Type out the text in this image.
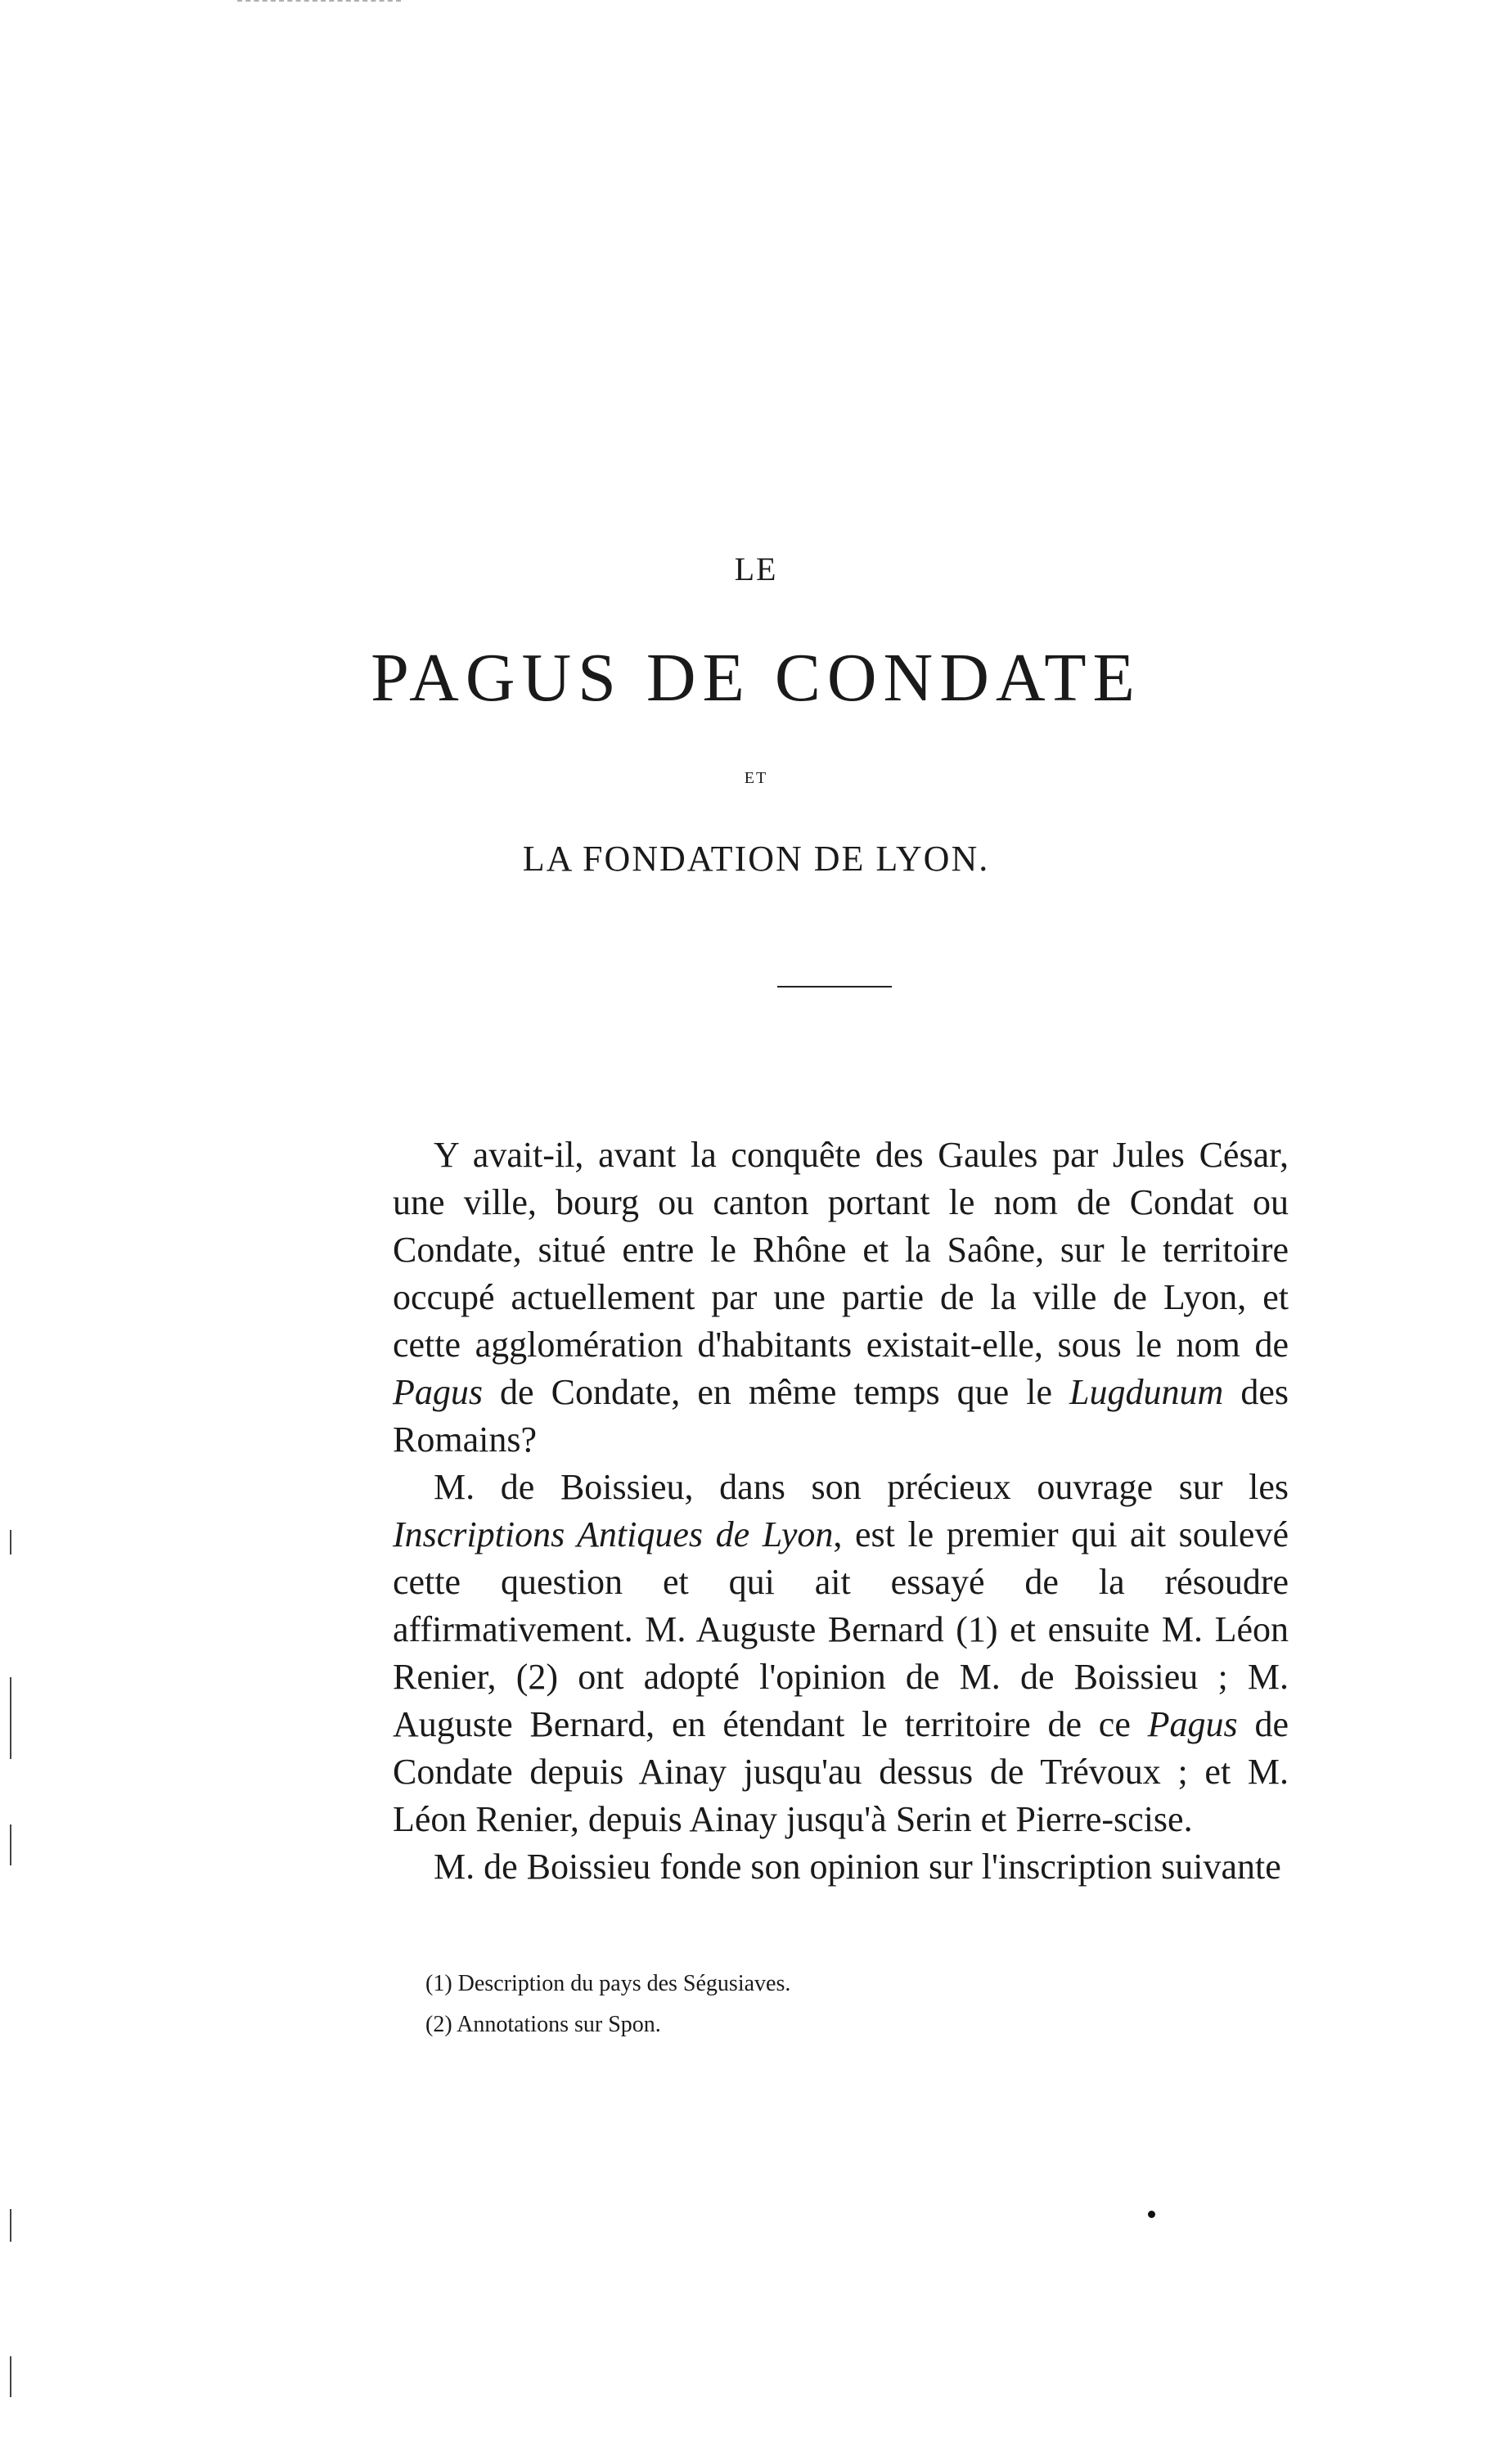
LE
PAGUS DE CONDATE
ET
LA FONDATION DE LYON.

Y avait-il, avant la conquête des Gaules par Jules César, une ville, bourg ou canton portant le nom de Condat ou Condate, situé entre le Rhône et la Saône, sur le territoire occupé actuellement par une partie de la ville de Lyon, et cette agglomération d'habitants existait-elle, sous le nom de Pagus de Condate, en même temps que le Lugdunum des Romains?

M. de Boissieu, dans son précieux ouvrage sur les Inscriptions Antiques de Lyon, est le premier qui ait soulevé cette question et qui ait essayé de la résoudre affirmativement. M. Auguste Bernard (1) et ensuite M. Léon Renier, (2) ont adopté l'opinion de M. de Boissieu ; M. Auguste Bernard, en étendant le territoire de ce Pagus de Condate depuis Ainay jusqu'au dessus de Trévoux ; et M. Léon Renier, depuis Ainay jusqu'à Serin et Pierre-scise.

M. de Boissieu fonde son opinion sur l'inscription suivante

(1) Description du pays des Ségusiaves.
(2) Annotations sur Spon.
